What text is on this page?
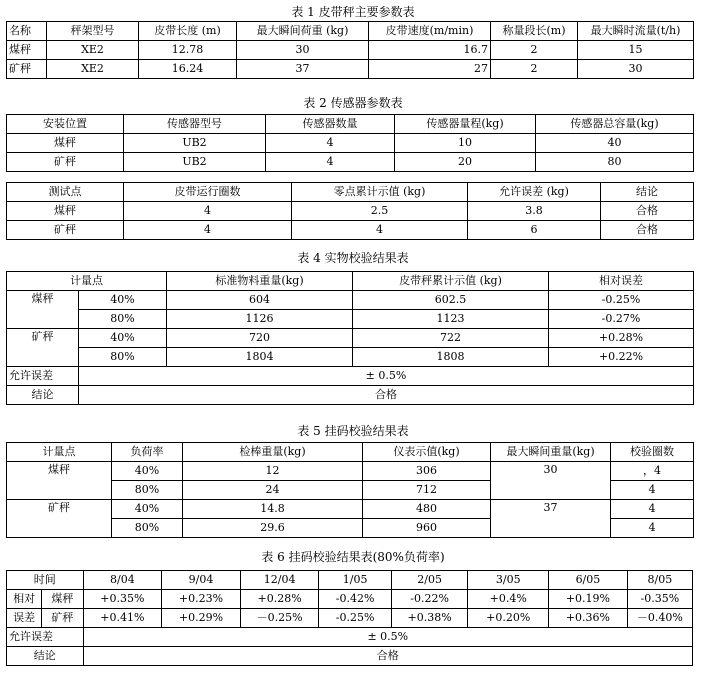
表 1 皮带秤主要参数表
名称	秤架型号	皮带长度 (m)	最大瞬间荷重 (kg)	皮带速度(m/min)	称量段长(m)	最大瞬时流量(t/h)
煤秤	XE2	12.78	30	16.7	2	15
矿秤	XE2	16.24	37	27	2	30
表 2 传感器参数表
安装位置	传感器型号	传感器数量	传感器量程(kg)	传感器总容量(kg)
煤秤	UB2	4	10	40
矿秤	UB2	4	20	80
测试点	皮带运行圈数	零点累计示值 (kg)	允许误差 (kg)	结论
煤秤	4	2.5	3.8	合格
矿秤	4	4	6	合格
表 4 实物校验结果表
计量点		标准物料重量(kg)	皮带秤累计示值 (kg)	相对误差
煤秤	40%	604	602.5	-0.25%
	80%	1126	1123	-0.27%
矿秤	40%	720	722	+0.28%
	80%	1804	1808	+0.22%
允许误差	± 0.5%			
结论	合格			
表 5 挂码校验结果表
计量点	负荷率	检棒重量(kg)	仪表示值(kg)	最大瞬间重量(kg)	校验圈数
煤秤	40%	12	306	30	，4
	80%	24	712		4
矿秤	40%	14.8	480	37	4
	80%	29.6	960		4
表 6 挂码校验结果表(80%负荷率)
时间		8/04	9/04	12/04	1/05	2/05	3/05	6/05	8/05
相对	煤秤	+0.35%	+0.23%	+0.28%	-0.42%	-0.22%	+0.4%	+0.19%	-0.35%
误差	矿秤	+0.41%	+0.29%	－0.25%	-0.25%	+0.38%	+0.20%	+0.36%	－0.40%
允许误差		± 0.5%							
结论		合格							
